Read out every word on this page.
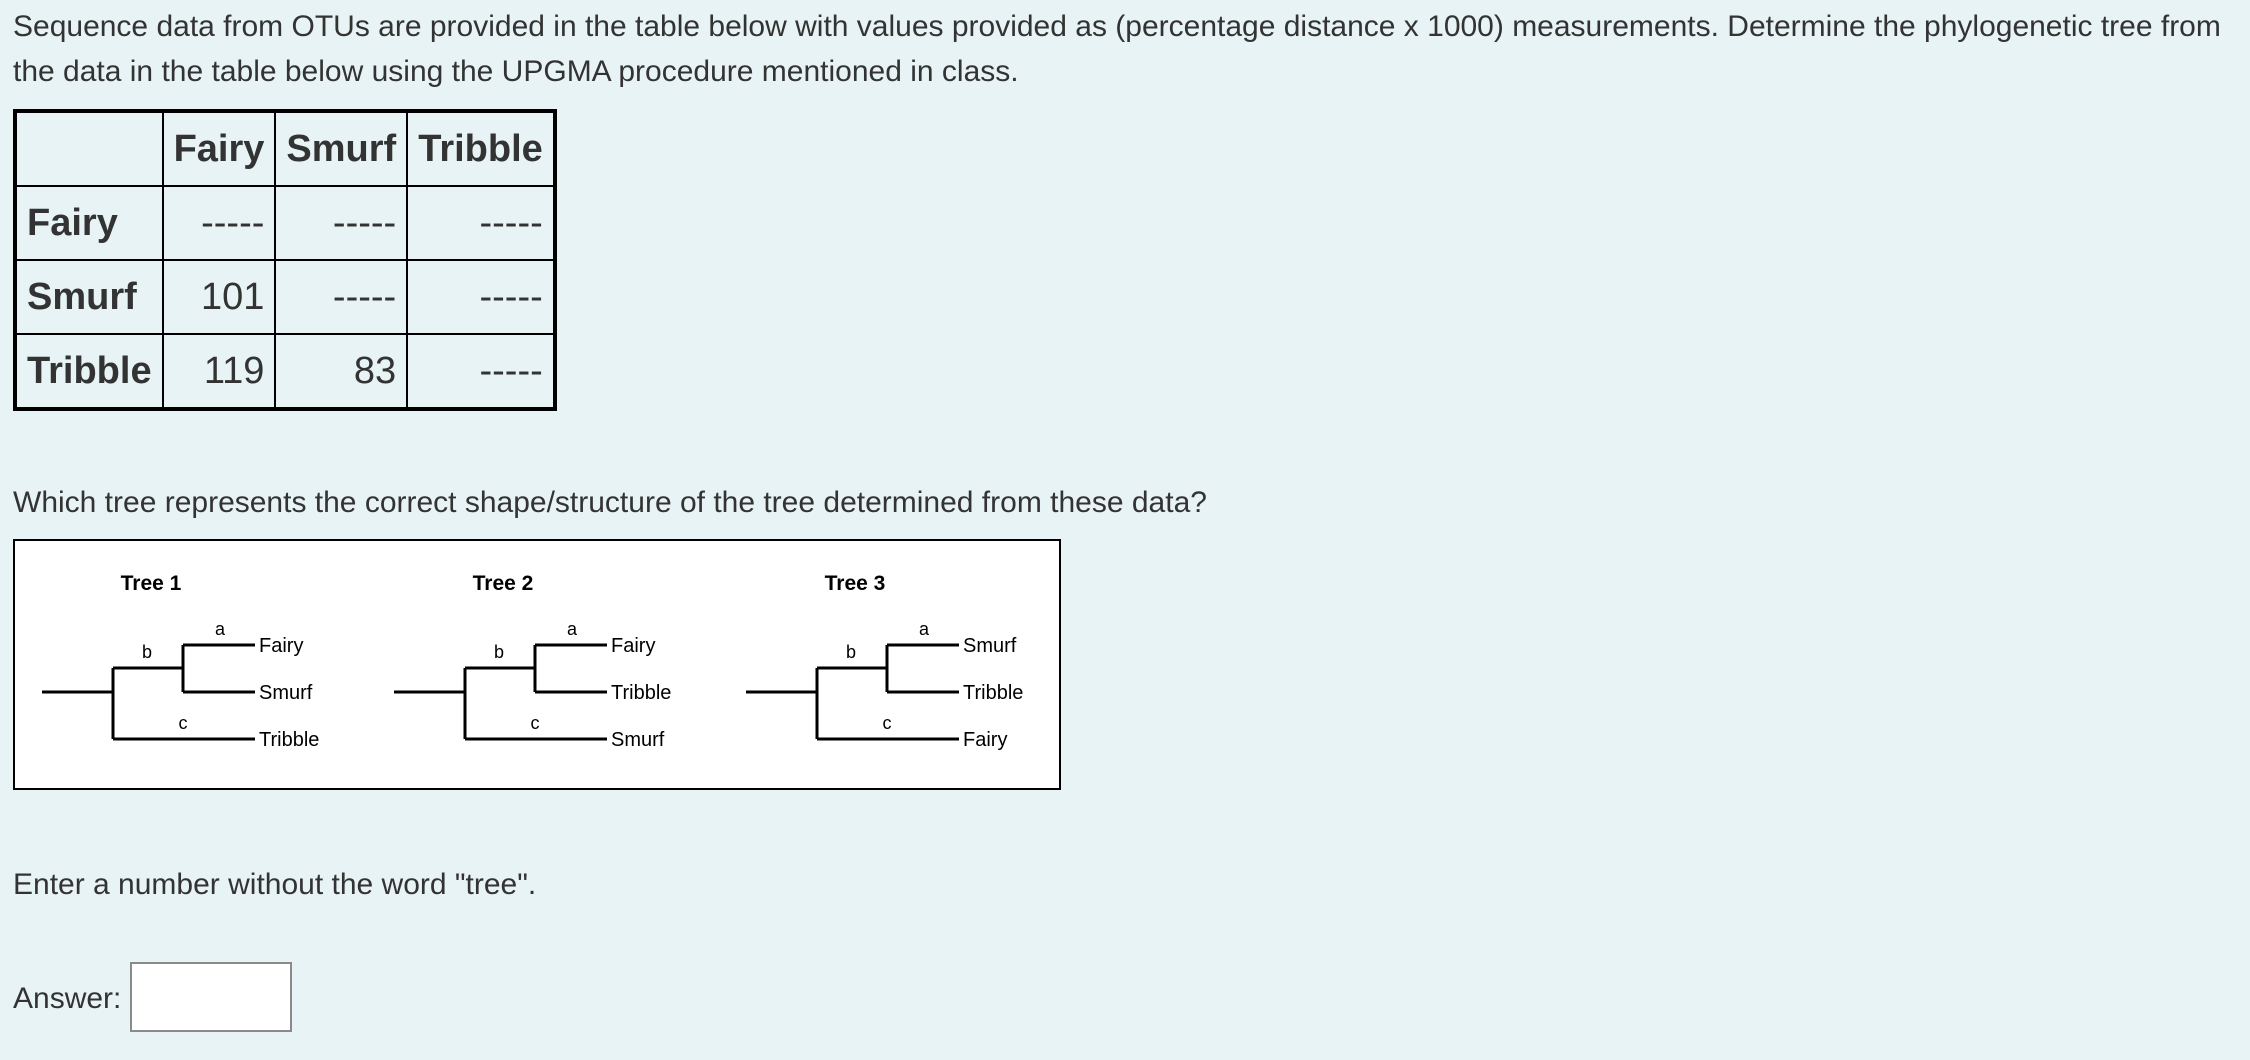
Sequence data from OTUs are provided in the table below with values provided as (percentage distance x 1000) measurements. Determine the phylogenetic tree from the data in the table below using the UPGMA procedure mentioned in class.

	Fairy	Smurf	Tribble
Fairy	-----	-----	-----
Smurf	101	-----	-----
Tribble	119	83	-----

Which tree represents the correct shape/structure of the tree determined from these data?

Tree 1
a
b
c
Fairy
Smurf
Tribble
Tree 2
a
b
c
Fairy
Tribble
Smurf
Tree 3
a
b
c
Smurf
Tribble
Fairy

Enter a number without the word "tree".

Answer:
